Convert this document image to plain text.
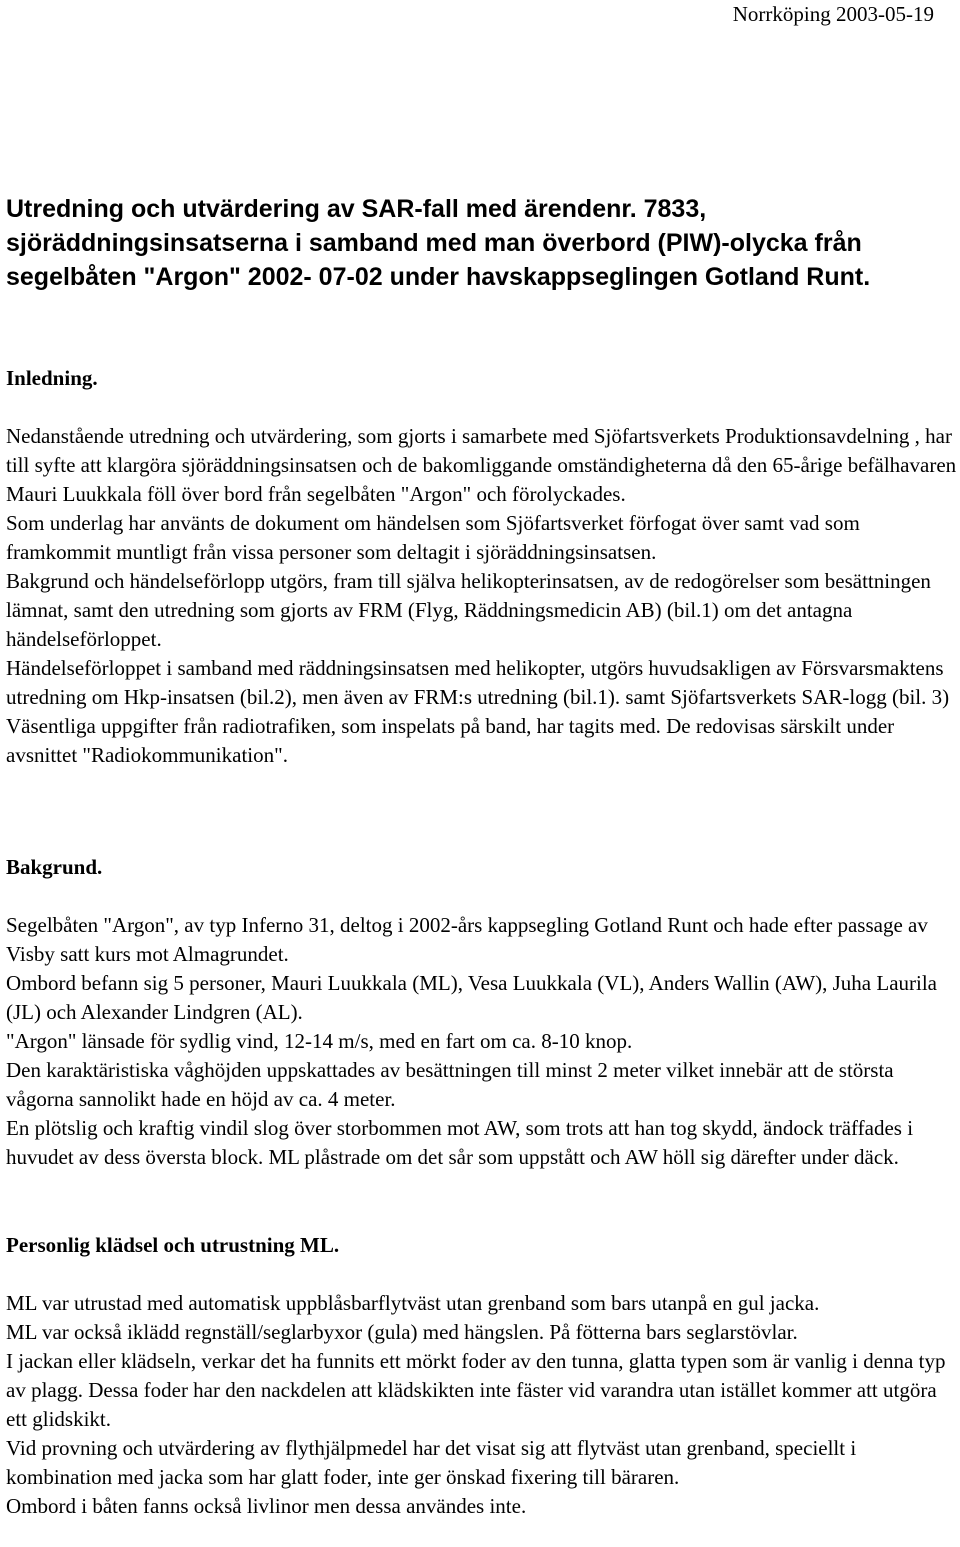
Norrköping 2003-05-19
Utredning och utvärdering av SAR-fall med ärendenr. 7833, sjöräddningsinsatserna i samband med man överbord (PIW)-olycka från segelbåten "Argon" 2002- 07-02 under havskappseglingen Gotland Runt.
Inledning.

Nedanstående utredning och utvärdering, som gjorts i samarbete med Sjöfartsverkets Produktionsavdelning , har till syfte att klargöra sjöräddningsinsatsen och de bakomliggande omständigheterna då den 65-årige befälhavaren Mauri Luukkala föll över bord från segelbåten "Argon" och förolyckades.

Som underlag har använts de dokument om händelsen som Sjöfartsverket förfogat över samt vad som framkommit muntligt från vissa personer som deltagit i sjöräddningsinsatsen.

Bakgrund och händelseförlopp utgörs, fram till själva helikopterinsatsen, av de redogörelser som besättningen lämnat, samt den utredning som gjorts av FRM (Flyg, Räddningsmedicin AB) (bil.1) om det antagna händelseförloppet.

Händelseförloppet i samband med räddningsinsatsen med helikopter, utgörs huvudsakligen av Försvarsmaktens utredning om Hkp-insatsen (bil.2), men även av FRM:s utredning (bil.1). samt Sjöfartsverkets SAR-logg (bil. 3)

Väsentliga uppgifter från radiotrafiken, som inspelats på band, har tagits med. De redovisas särskilt under avsnittet "Radiokommunikation".

Bakgrund.

Segelbåten "Argon", av typ Inferno 31, deltog i 2002-års kappsegling Gotland Runt och hade efter passage av Visby satt kurs mot Almagrundet.

Ombord befann sig 5 personer, Mauri Luukkala (ML), Vesa Luukkala (VL), Anders Wallin (AW), Juha Laurila (JL) och Alexander Lindgren (AL).

"Argon" länsade för sydlig vind, 12-14 m/s, med en fart om ca. 8-10 knop.

Den karaktäristiska våghöjden uppskattades av besättningen till minst 2 meter vilket innebär att de största vågorna sannolikt hade en höjd av ca. 4 meter.

En plötslig och kraftig vindil slog över storbommen mot AW, som trots att han tog skydd, ändock träffades i huvudet av dess översta block. ML plåstrade om det sår som uppstått och AW höll sig därefter under däck.

Personlig klädsel och utrustning ML.

ML var utrustad med automatisk uppblåsbarflytväst utan grenband som bars utanpå en gul jacka.

ML var också iklädd regnställ/seglarbyxor (gula) med hängslen. På fötterna bars seglarstövlar.

I jackan eller klädseln, verkar det ha funnits ett mörkt foder av den tunna, glatta typen som är vanlig i denna typ av plagg. Dessa foder har den nackdelen att klädskikten inte fäster vid varandra utan istället kommer att utgöra ett glidskikt.

Vid provning och utvärdering av flythjälpmedel har det visat sig att flytväst utan grenband, speciellt i kombination med jacka som har glatt foder, inte ger önskad fixering till bäraren.

Ombord i båten fanns också livlinor men dessa användes inte.
